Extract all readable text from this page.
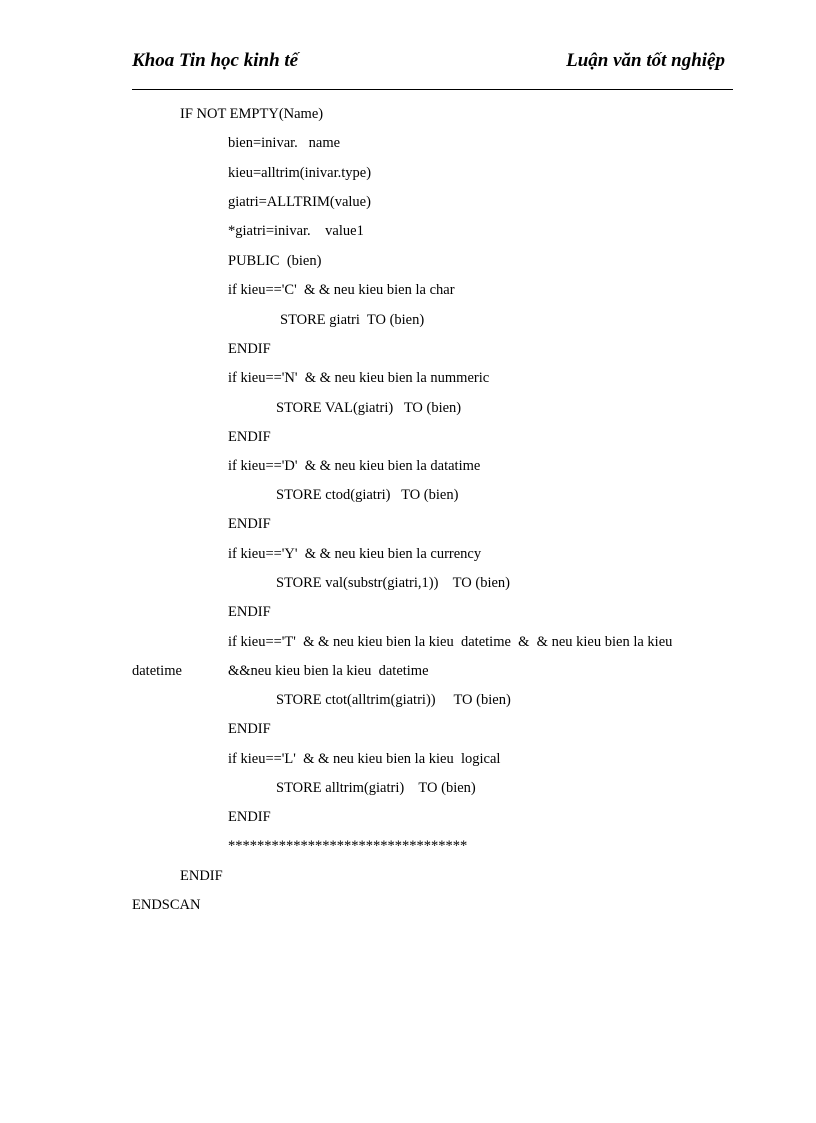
Khoa Tin học kinh tế	Luận văn tốt nghiệp
IF NOT EMPTY(Name)
bien=inivar.   name
kieu=alltrim(inivar.type)
giatri=ALLTRIM(value)
*giatri=inivar.    value1
PUBLIC  (bien)
if kieu=='C'  & & neu kieu bien la char
STORE giatri  TO (bien)
ENDIF
if kieu=='N'  & & neu kieu bien la nummeric
STORE VAL(giatri)   TO (bien)
ENDIF
if kieu=='D'  & & neu kieu bien la datatime
STORE ctod(giatri)   TO (bien)
ENDIF
if kieu=='Y'  & & neu kieu bien la currency
STORE val(substr(giatri,1))    TO (bien)
ENDIF
if kieu=='T'  & & neu kieu bien la kieu  datetime  &  & neu kieu bien la kieu
datetime	&&neu kieu bien la kieu  datetime
STORE ctot(alltrim(giatri))     TO (bien)
ENDIF
if kieu=='L'  & & neu kieu bien la kieu  logical
STORE alltrim(giatri)    TO (bien)
ENDIF
*********************************
ENDIF
ENDSCAN
